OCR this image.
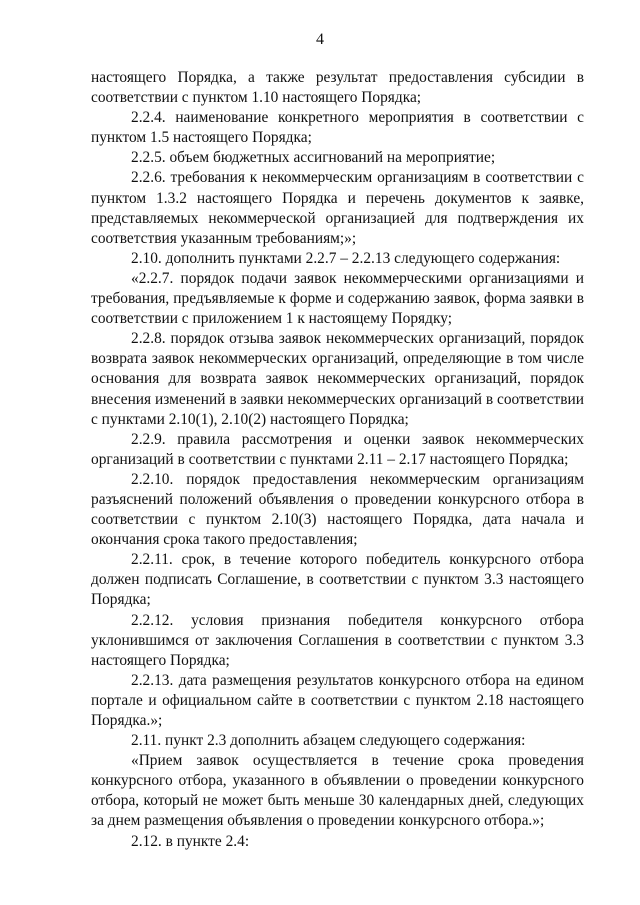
4

настоящего Порядка, а также результат предоставления субсидии в соответствии с пунктом 1.10 настоящего Порядка;

2.2.4. наименование конкретного мероприятия в соответствии с пунктом 1.5 настоящего Порядка;

2.2.5. объем бюджетных ассигнований на мероприятие;

2.2.6. требования к некоммерческим организациям в соответствии с пунктом 1.3.2 настоящего Порядка и перечень документов к заявке, представляемых некоммерческой организацией для подтверждения их соответствия указанным требованиям;»;

2.10. дополнить пунктами 2.2.7 – 2.2.13 следующего содержания:

«2.2.7. порядок подачи заявок некоммерческими организациями и требования, предъявляемые к форме и содержанию заявок, форма заявки в соответствии с приложением 1 к настоящему Порядку;

2.2.8. порядок отзыва заявок некоммерческих организаций, порядок возврата заявок некоммерческих организаций, определяющие в том числе основания для возврата заявок некоммерческих организаций, порядок внесения изменений в заявки некоммерческих организаций в соответствии с пунктами 2.10(1), 2.10(2) настоящего Порядка;

2.2.9. правила рассмотрения и оценки заявок некоммерческих организаций в соответствии с пунктами 2.11 – 2.17 настоящего Порядка;

2.2.10. порядок предоставления некоммерческим организациям разъяснений положений объявления о проведении конкурсного отбора в соответствии с пунктом 2.10(3) настоящего Порядка, дата начала и окончания срока такого предоставления;

2.2.11. срок, в течение которого победитель конкурсного отбора должен подписать Соглашение, в соответствии с пунктом 3.3 настоящего Порядка;

2.2.12. условия признания победителя конкурсного отбора уклонившимся от заключения Соглашения в соответствии с пунктом 3.3 настоящего Порядка;

2.2.13. дата размещения результатов конкурсного отбора на едином портале и официальном сайте в соответствии с пунктом 2.18 настоящего Порядка.»;

2.11. пункт 2.3 дополнить абзацем следующего содержания:

«Прием заявок осуществляется в течение срока проведения конкурсного отбора, указанного в объявлении о проведении конкурсного отбора, который не может быть меньше 30 календарных дней, следующих за днем размещения объявления о проведении конкурсного отбора.»;

2.12. в пункте 2.4:
